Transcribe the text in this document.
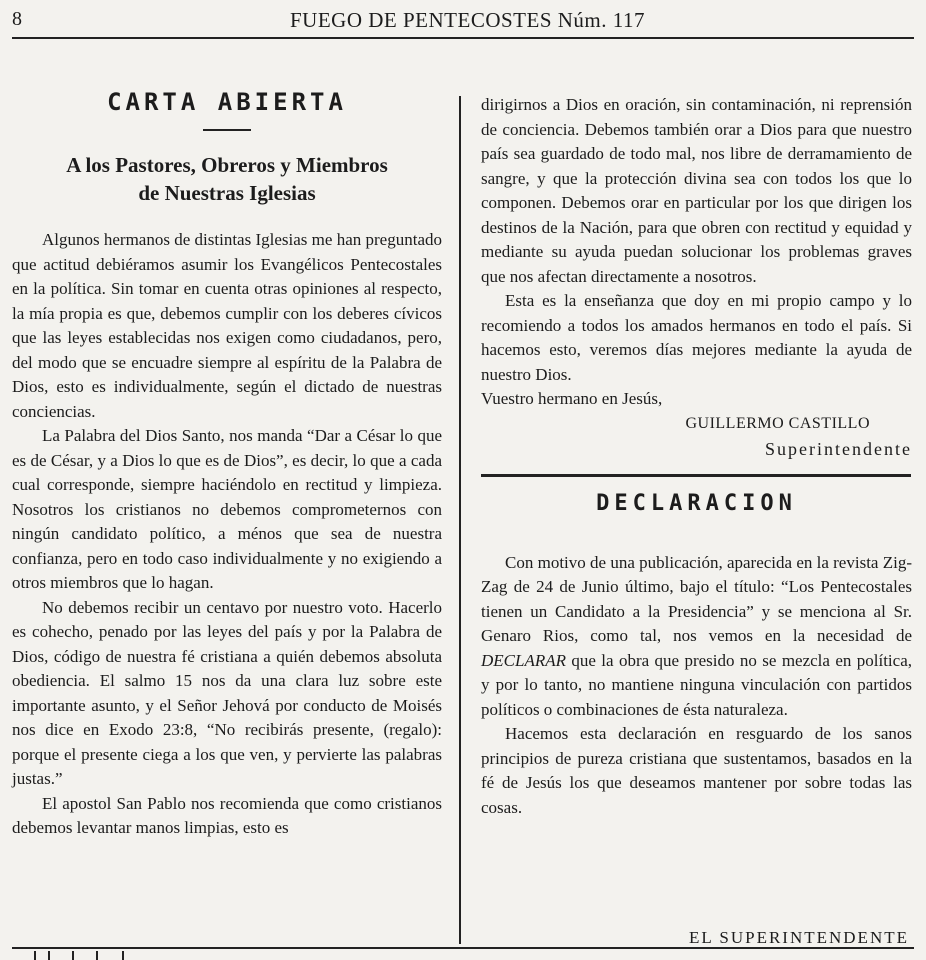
8	FUEGO DE PENTECOSTES Núm. 117
CARTA ABIERTA
A los Pastores, Obreros y Miembros
de Nuestras Iglesias

Algunos hermanos de distintas Iglesias me han preguntado que actitud debiéramos asumir los Evangélicos Pentecostales en la política. Sin tomar en cuenta otras opiniones al respecto, la mía propia es que, debemos cumplir con los deberes cívicos que las leyes establecidas nos exigen como ciudadanos, pero, del modo que se encuadre siempre al espíritu de la Palabra de Dios, esto es individualmente, según el dictado de nuestras conciencias.

La Palabra del Dios Santo, nos manda “Dar a César lo que es de César, y a Dios lo que es de Dios”, es decir, lo que a cada cual corresponde, siempre haciéndolo en rectitud y limpieza. Nosotros los cristianos no debemos comprometernos con ningún candidato político, a ménos que sea de nuestra confianza, pero en todo caso individualmente y no exigiendo a otros miembros que lo hagan.

No debemos recibir un centavo por nuestro voto. Hacerlo es cohecho, penado por las leyes del país y por la Palabra de Dios, código de nuestra fé cristiana a quién debemos absoluta obediencia. El salmo 15 nos da una clara luz sobre este importante asunto, y el Señor Jehová por conducto de Moisés nos dice en Exodo 23:8, “No recibirás presente, (regalo): porque el presente ciega a los que ven, y pervierte las palabras justas.”

El apostol San Pablo nos recomienda que como cristianos debemos levantar manos limpias, esto es

dirigirnos a Dios en oración, sin contaminación, ni reprensión de conciencia. Debemos también orar a Dios para que nuestro país sea guardado de todo mal, nos libre de derramamiento de sangre, y que la protección divina sea con todos los que lo componen. Debemos orar en particular por los que dirigen los destinos de la Nación, para que obren con rectitud y equidad y mediante su ayuda puedan solucionar los problemas graves que nos afectan directamente a nosotros.

Esta es la enseñanza que doy en mi propio campo y lo recomiendo a todos los amados hermanos en todo el país. Si hacemos esto, veremos días mejores mediante la ayuda de nuestro Dios.

Vuestro hermano en Jesús,

GUILLERMO CASTILLO

Superintendente

DECLARACION

Con motivo de una publicación, aparecida en la revista Zig-Zag de 24 de Junio último, bajo el título: “Los Pentecostales tienen un Candidato a la Presidencia” y se menciona al Sr. Genaro Rios, como tal, nos vemos en la necesidad de DECLARAR que la obra que presido no se mezcla en política, y por lo tanto, no mantiene ninguna vinculación con partidos políticos o combinaciones de ésta naturaleza.

Hacemos esta declaración en resguardo de los sanos principios de pureza cristiana que sustentamos, basados en la fé de Jesús los que deseamos mantener por sobre todas las cosas.

EL SUPERINTENDENTE
